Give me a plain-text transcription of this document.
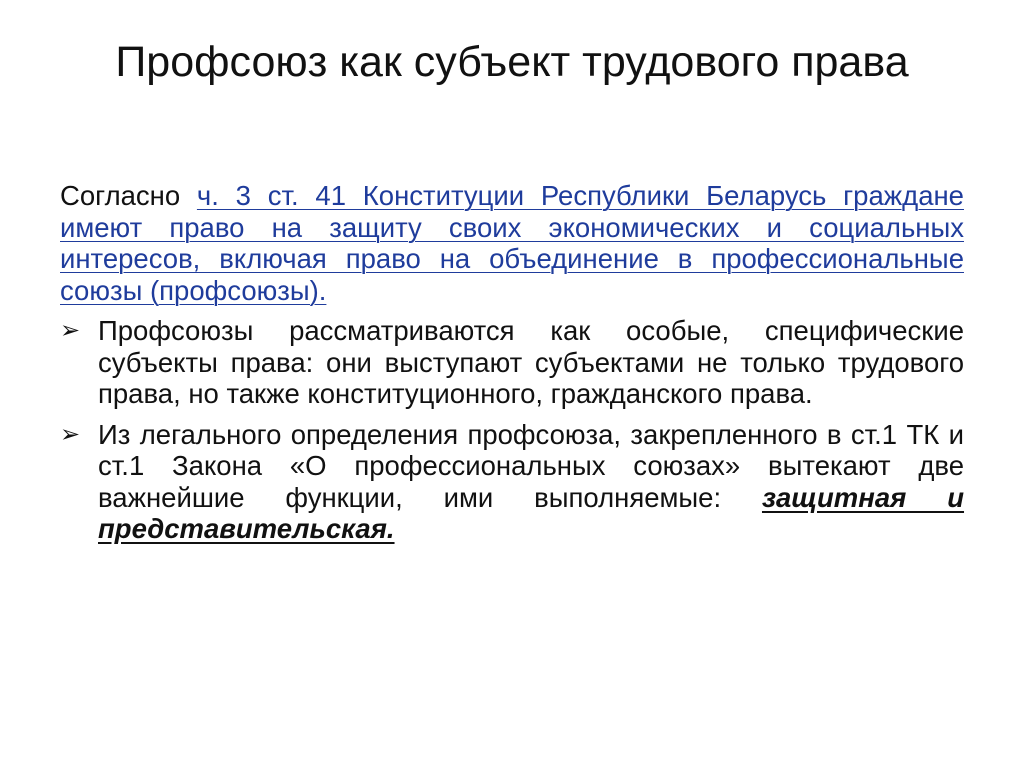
Профсоюз как субъект трудового права

Согласно ч. 3 ст. 41 Конституции Республики Беларусь граждане имеют право на защиту своих экономических и социальных интересов, включая право на объединение в профессиональные союзы (профсоюзы).

➢ Профсоюзы рассматриваются как особые, специфические субъекты права: они выступают субъектами не только трудового права, но также конституционного, гражданского права.
➢ Из легального определения профсоюза, закрепленного в ст.1 ТК и ст.1 Закона «О профессиональных союзах» вытекают две важнейшие функции, ими выполняемые: защитная и представительская.
